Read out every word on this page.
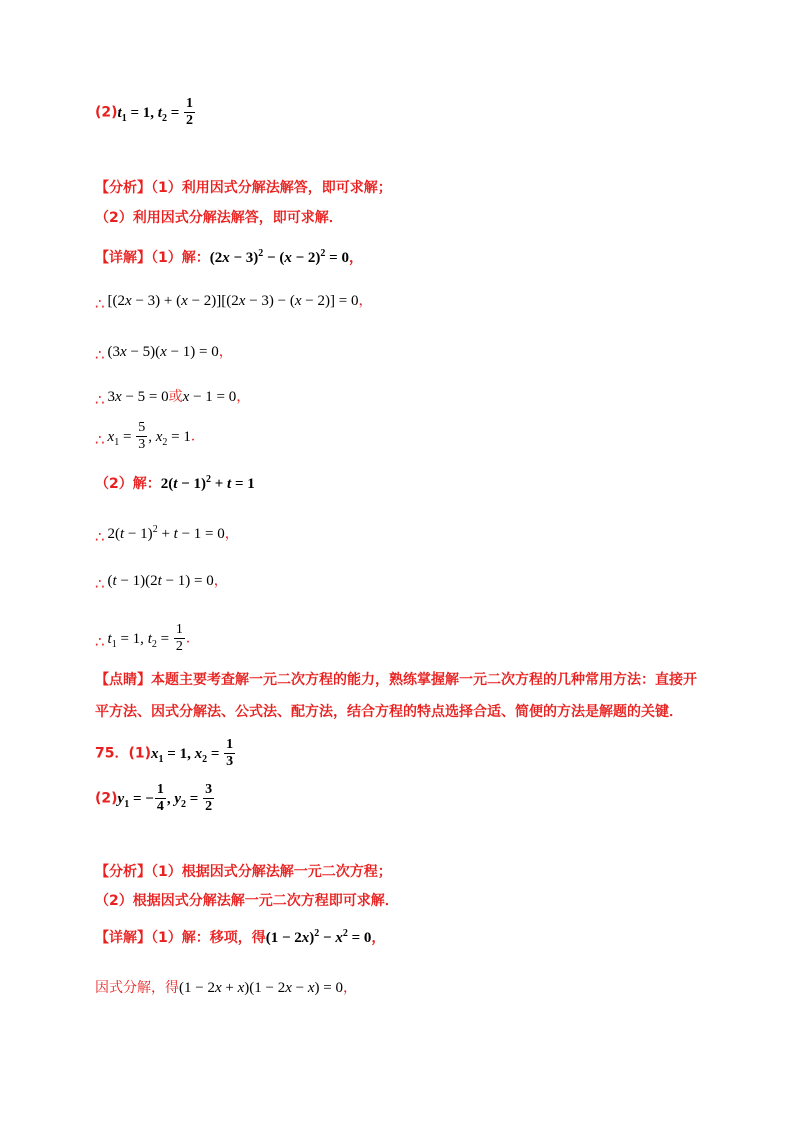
$(2)t_1 = 1$, $t_2 = \frac{1}{2}$
【分析】（1）利用因式分解法解答，即可求解；
（2）利用因式分解法解答，即可求解．
【详解】（1）解：$(2x - 3)^2 - (x - 2)^2 = 0$，
∴ [(2x − 3) + (x − 2)][(2x − 3) − (x − 2)] = 0，
∴ (3x − 5)(x − 1) = 0，
∴ 3x − 5 = 0或x − 1 = 0，
∴ $x_1 = \frac{5}{3}$ , $x_2 = 1$．
（2）解：$2(t - 1)^2 + t = 1$
∴ $2(t - 1)^2 + t - 1 = 0$，
∴ (t − 1)(2t − 1) = 0，
∴ $t_1 = 1$, $t_2 = \frac{1}{2}$ ．
【点睛】本题主要考查解一元二次方程的能力，熟练掌握解一元二次方程的几种常用方法：直接开
平方法、因式分解法、公式法、配方法，结合方程的特点选择合适、简便的方法是解题的关键．
75．$(1)x_1 = 1$, $x_2 = \frac{1}{3}$
$(2)y_1$ = − $\frac{1}{4}$ , $y_2 = \frac{3}{2}$
【分析】（1）根据因式分解法解一元二次方程；
（2）根据因式分解法解一元二次方程即可求解．
【详解】（1）解：移项，得$(1 - 2x)^2 - x^2 = 0$，
因式分解，得(1 − 2x + x)(1 − 2x − x) = 0，
